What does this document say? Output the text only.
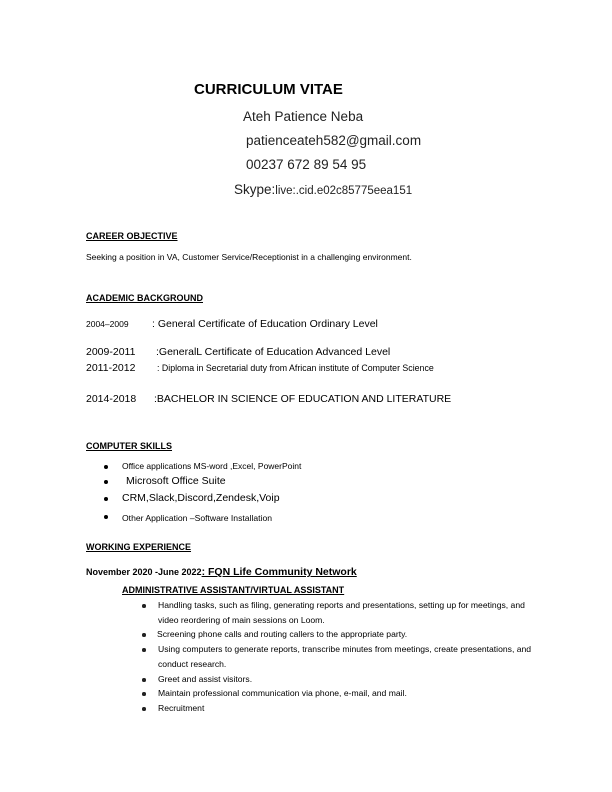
CURRICULUM VITAE
Ateh Patience Neba
patienceateh582@gmail.com
00237 672 89 54 95
Skype:live:.cid.e02c85775eea151
CAREER OBJECTIVE
Seeking a position in VA, Customer Service/Receptionist in a challenging environment.
ACADEMIC BACKGROUND
2004–2009 : General Certificate of Education Ordinary Level
2009-2011 :GeneralL Certificate of Education Advanced Level
2011-2012 : Diploma in Secretarial duty from African institute of Computer Science
2014-2018 :BACHELOR IN SCIENCE OF EDUCATION AND LITERATURE
COMPUTER SKILLS
Office applications MS-word ,Excel, PowerPoint
Microsoft Office Suite
CRM,Slack,Discord,Zendesk,Voip
Other Application –Software Installation
WORKING EXPERIENCE
November 2020 -June 2022: FQN Life Community Network
ADMINISTRATIVE ASSISTANT/VIRTUAL ASSISTANT
Handling tasks, such as filing, generating reports and presentations, setting up for meetings, and video reordering of main sessions on Loom.
Screening phone calls and routing callers to the appropriate party.
Using computers to generate reports, transcribe minutes from meetings, create presentations, and conduct research.
Greet and assist visitors.
Maintain professional communication via phone, e-mail, and mail.
Recruitment
